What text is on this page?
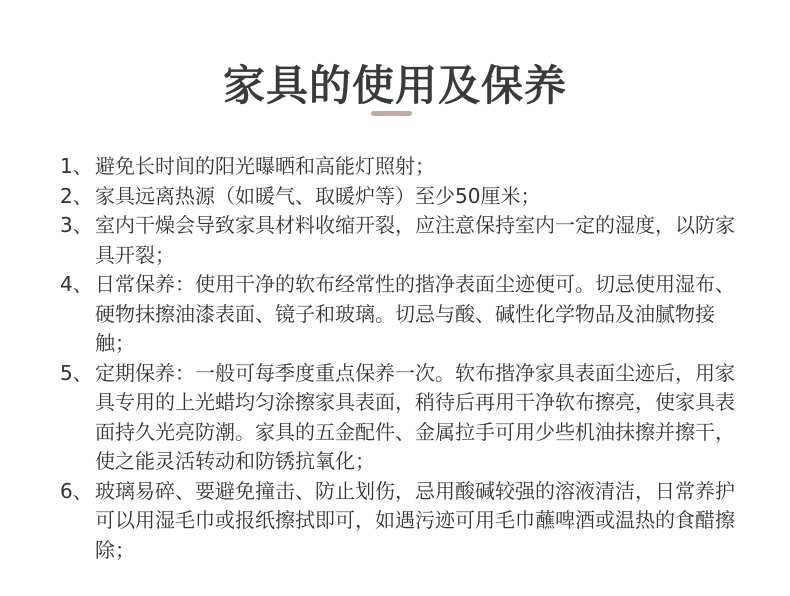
家具的使用及保养
1、 避免长时间的阳光曝晒和高能灯照射；
2、 家具远离热源（如暖气、取暖炉等）至少50厘米；
3、 室内干燥会导致家具材料收缩开裂，应注意保持室内一定的湿度，以防家具开裂；
4、 日常保养：使用干净的软布经常性的揩净表面尘迹便可。切忌使用湿布、硬物抹擦油漆表面、镜子和玻璃。切忌与酸、碱性化学物品及油腻物接触；
5、 定期保养：一般可每季度重点保养一次。软布揩净家具表面尘迹后，用家具专用的上光蜡均匀涂擦家具表面，稍待后再用干净软布擦亮，使家具表面持久光亮防潮。家具的五金配件、金属拉手可用少些机油抹擦并擦干，使之能灵活转动和防锈抗氧化；
6、 玻璃易碎、要避免撞击、防止划伤，忌用酸碱较强的溶液清洁，日常养护可以用湿毛巾或报纸擦拭即可，如遇污迹可用毛巾蘸啤酒或温热的食醋擦除；
